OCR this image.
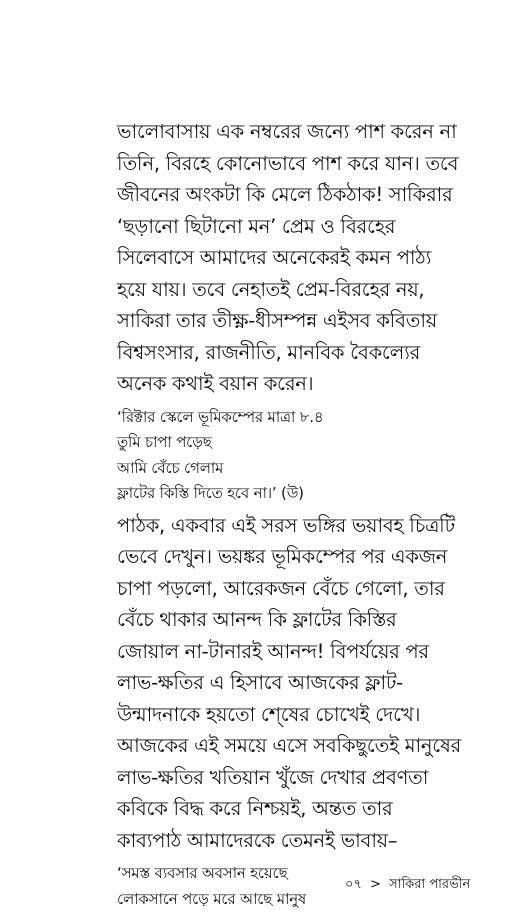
ভালোবাসায় এক নম্বরের জন্যে পাশ করেন না
তিনি, বিরহে কোনোভাবে পাশ করে যান। তবে
জীবনের অংকটা কি মেলে ঠিকঠাক! সাকিরার
‘ছড়ানো ছিটানো মন’ প্রেম ও বিরহের
সিলেবাসে আমাদের অনেকেরই কমন পাঠ্য
হয়ে যায়। তবে নেহাতই প্রেম-বিরহের নয়,
সাকিরা তার তীক্ষ্ণ-ধীসম্পন্ন এইসব কবিতায়
বিশ্বসংসার, রাজনীতি, মানবিক বৈকল্যের
অনেক কথাই বয়ান করেন।
‘রিক্টার স্কেলে ভূমিকম্পের মাত্রা ৮.৪
তুমি চাপা পড়েছ
আমি বেঁচে গেলাম
ফ্লাটের কিস্তি দিতে হবে না।’ (উ)
পাঠক, একবার এই সরস ভঙ্গির ভয়াবহ চিত্রটি
ভেবে দেখুন। ভয়ঙ্কর ভূমিকম্পের পর একজন
চাপা পড়লো, আরেকজন বেঁচে গেলো, তার
বেঁচে থাকার আনন্দ কি ফ্লাটের কিস্তির
জোয়াল না-টানারই আনন্দ! বিপর্যয়ের পর
লাভ-ক্ষতির এ হিসাবে আজকের ফ্লাট-
উন্মাদনাকে হয়তো শে্ষের চোখেই দেখে।
আজকের এই সময়ে এসে সবকিছুতেই মানুষের
লাভ-ক্ষতির খতিয়ান খুঁজে দেখার প্রবণতা
কবিকে বিদ্ধ করে নিশ্চয়ই, অন্তত তার
কাব্যপাঠ আমাদেরকে তেমনই ভাবায়–
‘সমস্ত ব্যবসার অবসান হয়েছে
লোকসানে পড়ে মরে আছে মানুষ
০৭ > সাকিরা পারভীন
